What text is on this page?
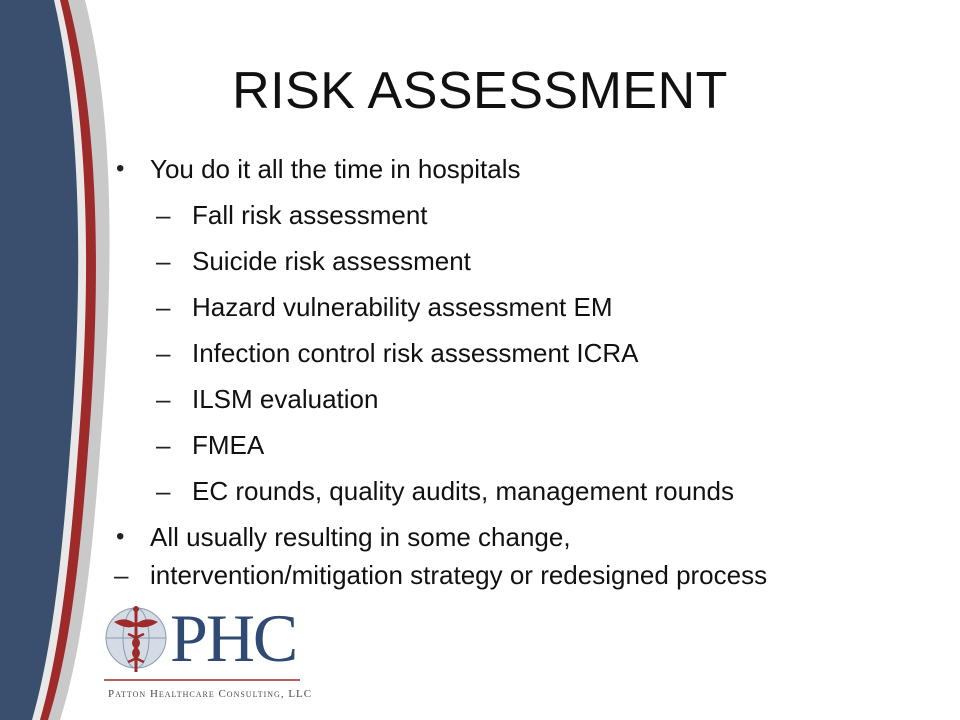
RISK ASSESSMENT
• You do it all the time in hospitals
– Fall risk assessment
– Suicide risk assessment
– Hazard vulnerability assessment EM
– Infection control risk assessment ICRA
– ILSM evaluation
– FMEA
– EC rounds, quality audits, management rounds
• All usually resulting in some change,
– intervention/mitigation strategy or redesigned process
PHC
Patton Healthcare Consulting, LLC
